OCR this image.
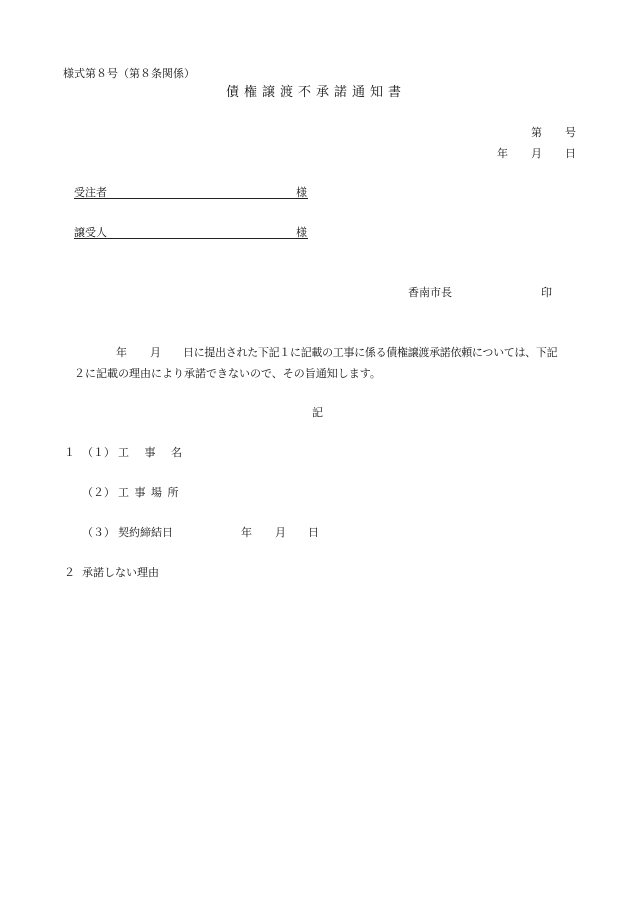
様式第８号（第８条関係）
債権譲渡不承諾通知書
第 号
年 月 日
受注者	様
譲受人	様
香南市長	印
年 月 日に提出された下記１に記載の工事に係る債権譲渡承諾依頼については、下記
２に記載の理由により承諾できないので、その旨通知します。
記
１ （１） 工 事 名
（２） 工 事 場 所
（３） 契約締結日	年 月 日
２ 承諾しない理由
